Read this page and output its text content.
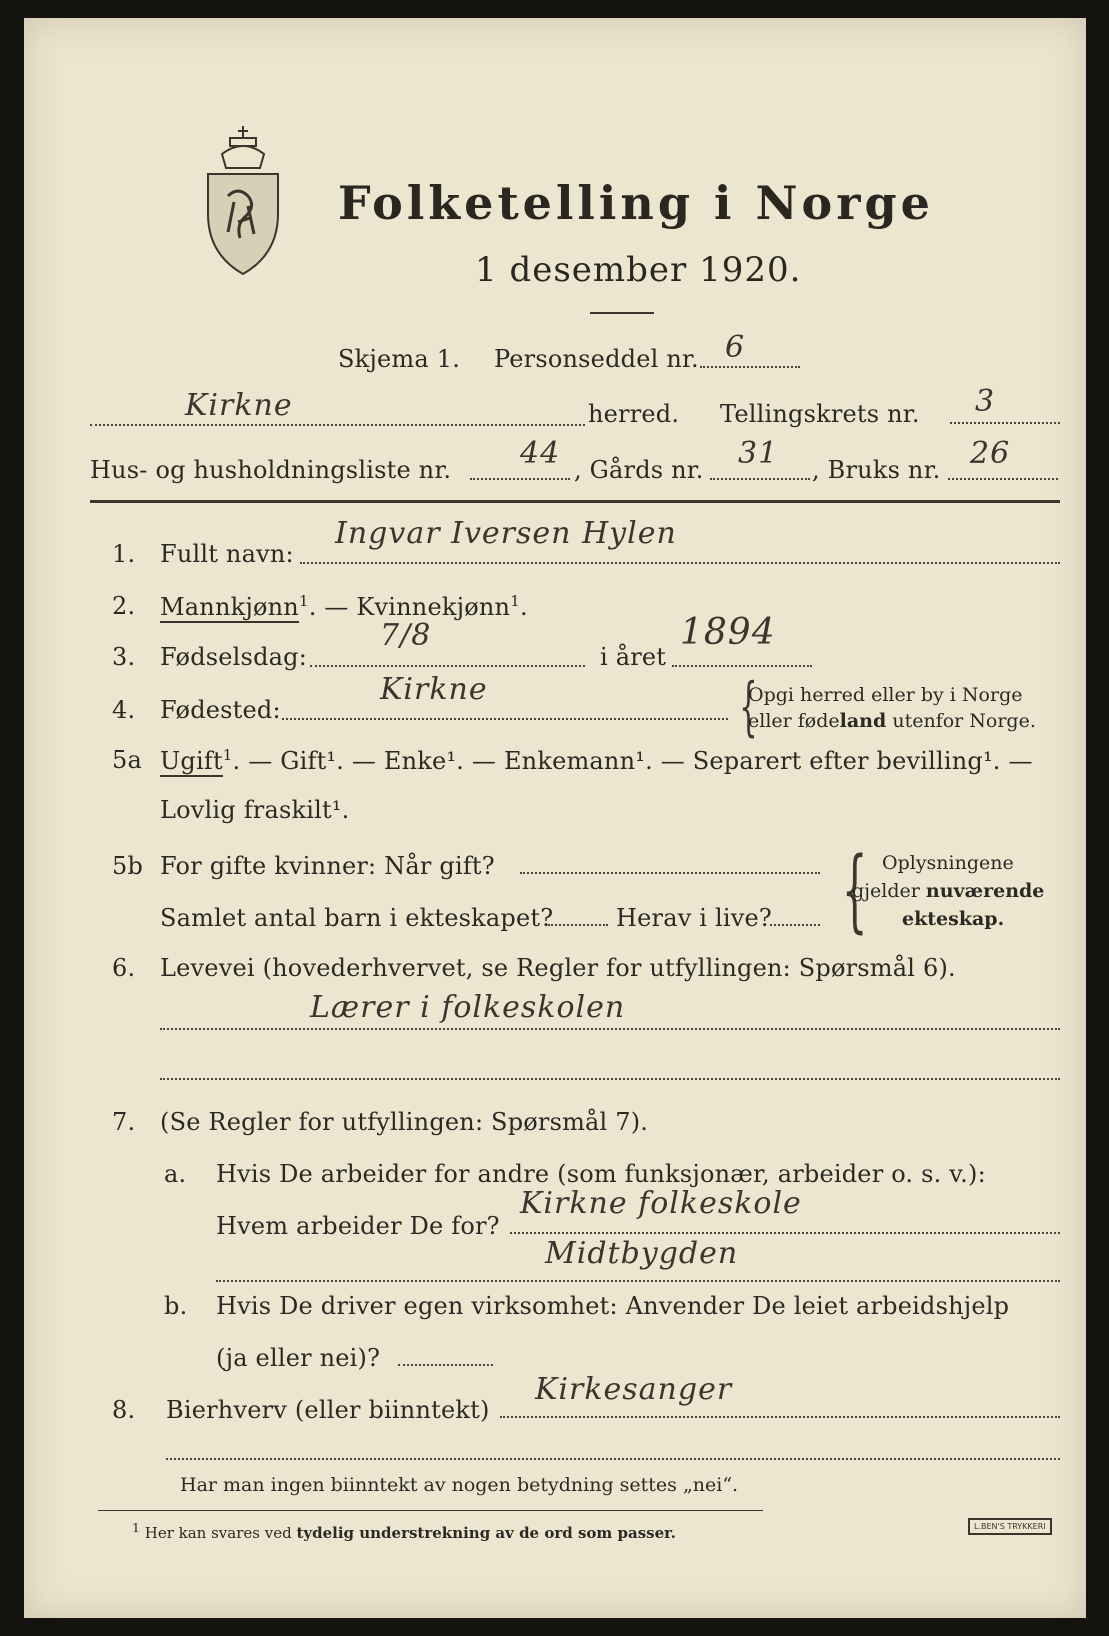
Folketelling i Norge
1 desember 1920.
Skjema 1. Personseddel nr. 6
Kirkne	herred. Tellingskrets nr. 3
Hus- og husholdningsliste nr. 44 , Gårds nr. 31 , Bruks nr. 26
1. Fullt navn:
Ingvar Iversen Hylen
2. Mannkjønn$^1$. — Kvinnekjønn$^1$.
3. Fødselsdag:
7/8
i året
1894
4. Fødested:
Kirkne	{
Opgi herred eller by i Norge
eller fødeland utenfor Norge.
5a Ugift$^1$. — Gift¹. — Enke¹. — Enkemann¹. — Separert efter bevilling¹. —
Lovlig fraskilt¹.
5b For gifte kvinner: Når gift?
Samlet antal barn i ekteskapet?	Herav i live? { Oplysningene
gjelder nuværende
ekteskap.
6. Levevei (hovederhvervet, se Regler for utfyllingen: Spørsmål 6).
Lærer i folkeskolen
7. (Se Regler for utfyllingen: Spørsmål 7).
a. Hvis De arbeider for andre (som funksjonær, arbeider o. s. v.):
Hvem arbeider De for?
Kirkne folkeskole
Midtbygden
b. Hvis De driver egen virksomhet: Anvender De leiet arbeidshjelp
(ja eller nei)?
8. Bierhverv (eller biinntekt)
Kirkesanger
Har man ingen biinntekt av nogen betydning settes „nei“.
$^1$ Her kan svares ved tydelig understrekning av de ord som passer.	L.BEN'S TRYKKERI
